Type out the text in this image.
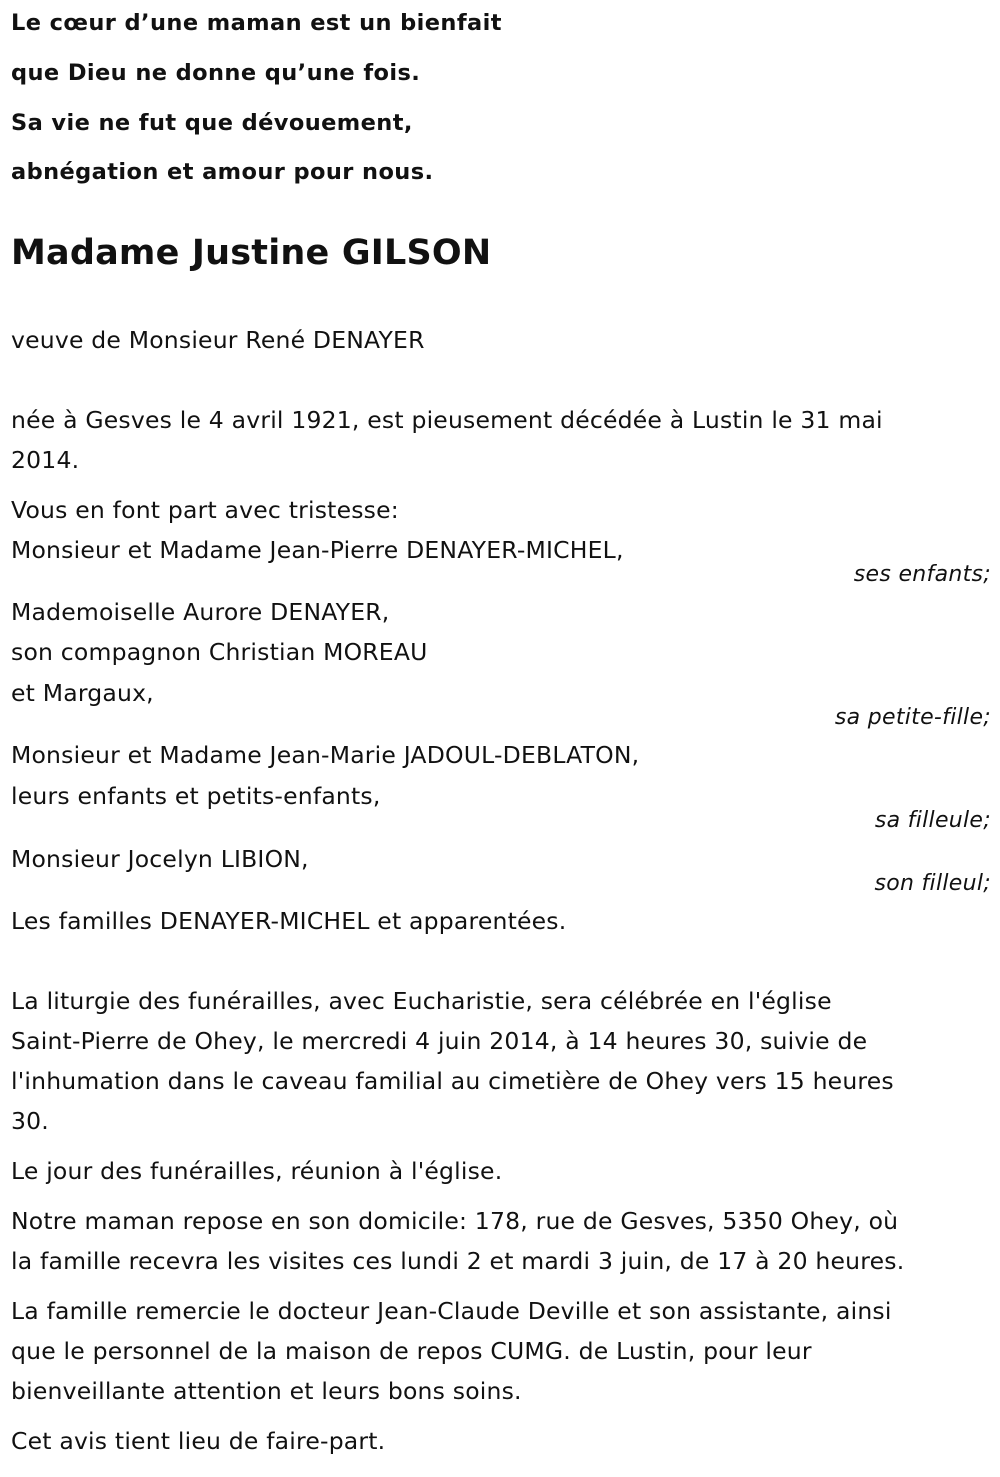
Le cœur d’une maman est un bienfait
que Dieu ne donne qu’une fois.
Sa vie ne fut que dévouement,
abnégation et amour pour nous.
Madame Justine GILSON
veuve de Monsieur René DENAYER
née à Gesves le 4 avril 1921, est pieusement décédée à Lustin le 31 mai
2014.
Vous en font part avec tristesse:
Monsieur et Madame Jean-Pierre DENAYER-MICHEL,
ses enfants;
Mademoiselle Aurore DENAYER,
son compagnon Christian MOREAU
et Margaux,
sa petite-fille;
Monsieur et Madame Jean-Marie JADOUL-DEBLATON,
leurs enfants et petits-enfants,
sa filleule;
Monsieur Jocelyn LIBION,
son filleul;
Les familles DENAYER-MICHEL et apparentées.
La liturgie des funérailles, avec Eucharistie, sera célébrée en l'église
Saint-Pierre de Ohey, le mercredi 4 juin 2014, à 14 heures 30, suivie de
l'inhumation dans le caveau familial au cimetière de Ohey vers 15 heures
30.
Le jour des funérailles, réunion à l'église.
Notre maman repose en son domicile: 178, rue de Gesves, 5350 Ohey, où
la famille recevra les visites ces lundi 2 et mardi 3 juin, de 17 à 20 heures.
La famille remercie le docteur Jean-Claude Deville et son assistante, ainsi
que le personnel de la maison de repos CUMG. de Lustin, pour leur
bienveillante attention et leurs bons soins.
Cet avis tient lieu de faire-part.
